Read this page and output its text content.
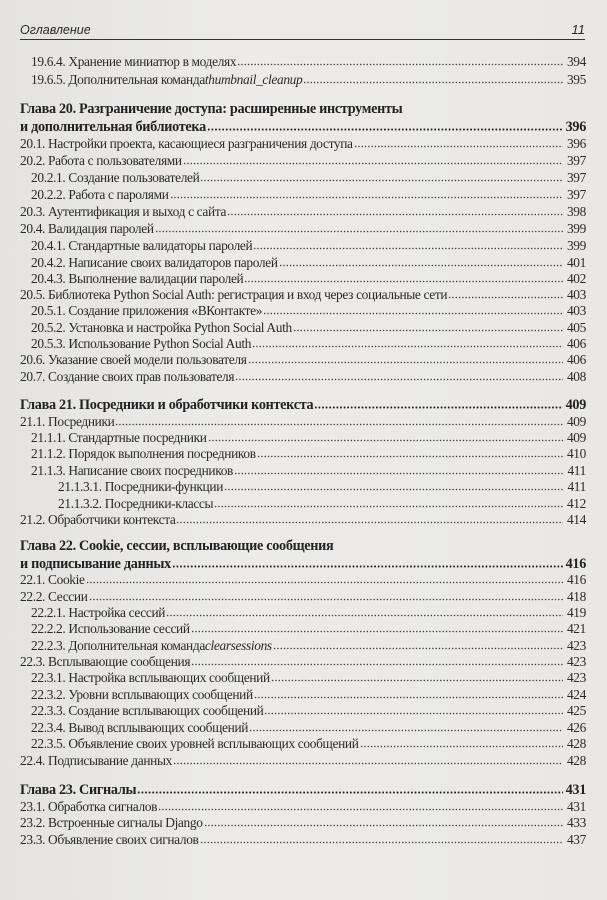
Оглавление	11
19.6.4. Хранение миниатюр в моделях	394
19.6.5. Дополнительная команда thumbnail_cleanup	395
Глава 20. Разграничение доступа: расширенные инструменты
и дополнительная библиотека	396
20.1. Настройки проекта, касающиеся разграничения доступа	396
20.2. Работа с пользователями	397
20.2.1. Создание пользователей	397
20.2.2. Работа с паролями	397
20.3. Аутентификация и выход с сайта	398
20.4. Валидация паролей	399
20.4.1. Стандартные валидаторы паролей	399
20.4.2. Написание своих валидаторов паролей	401
20.4.3. Выполнение валидации паролей	402
20.5. Библиотека Python Social Auth: регистрация и вход через социальные сети	403
20.5.1. Создание приложения «ВКонтакте»	403
20.5.2. Установка и настройка Python Social Auth	405
20.5.3. Использование Python Social Auth	406
20.6. Указание своей модели пользователя	406
20.7. Создание своих прав пользователя	408
Глава 21. Посредники и обработчики контекста	409
21.1. Посредники	409
21.1.1. Стандартные посредники	409
21.1.2. Порядок выполнения посредников	410
21.1.3. Написание своих посредников	411
21.1.3.1. Посредники-функции	411
21.1.3.2. Посредники-классы	412
21.2. Обработчики контекста	414
Глава 22. Cookie, сессии, всплывающие сообщения
и подписывание данных	416
22.1. Cookie	416
22.2. Сессии	418
22.2.1. Настройка сессий	419
22.2.2. Использование сессий	421
22.2.3. Дополнительная команда clearsessions	423
22.3. Всплывающие сообщения	423
22.3.1. Настройка всплывающих сообщений	423
22.3.2. Уровни всплывающих сообщений	424
22.3.3. Создание всплывающих сообщений	425
22.3.4. Вывод всплывающих сообщений	426
22.3.5. Объявление своих уровней всплывающих сообщений	428
22.4. Подписывание данных	428
Глава 23. Сигналы	431
23.1. Обработка сигналов	431
23.2. Встроенные сигналы Django	433
23.3. Объявление своих сигналов	437
